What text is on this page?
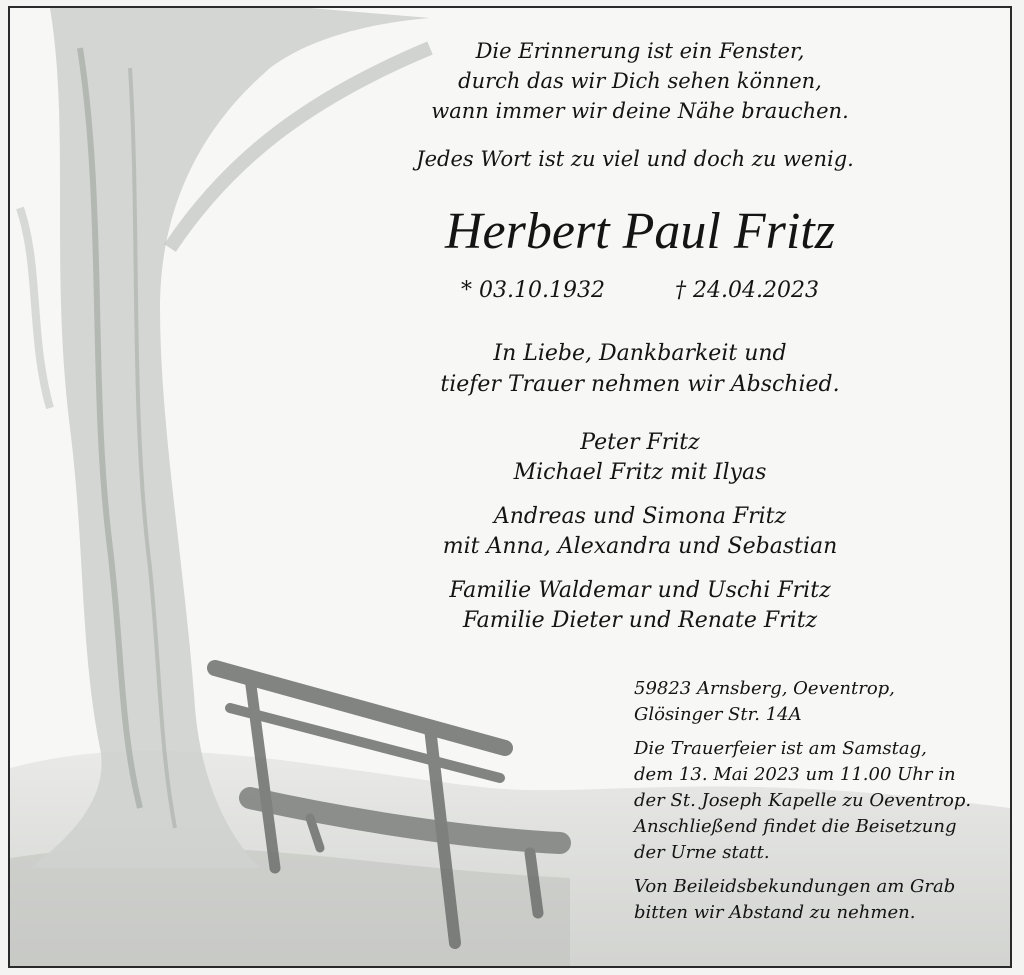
Die Erinnerung ist ein Fenster,

durch das wir Dich sehen können,

wann immer wir deine Nähe brauchen.

Jedes Wort ist zu viel und doch zu wenig.
Herbert Paul Fritz
* 03.10.1932	† 24.04.2023
In Liebe, Dankbarkeit und
tiefer Trauer nehmen wir Abschied.
Peter Fritz
Michael Fritz mit Ilyas
Andreas und Simona Fritz
mit Anna, Alexandra und Sebastian
Familie Waldemar und Uschi Fritz
Familie Dieter und Renate Fritz
59823 Arnsberg, Oeventrop,
Glösinger Str. 14A
Die Trauerfeier ist am Samstag,
dem 13. Mai 2023 um 11.00 Uhr in
der St. Joseph Kapelle zu Oeventrop.
Anschließend findet die Beisetzung
der Urne statt.
Von Beileidsbekundungen am Grab
bitten wir Abstand zu nehmen.
